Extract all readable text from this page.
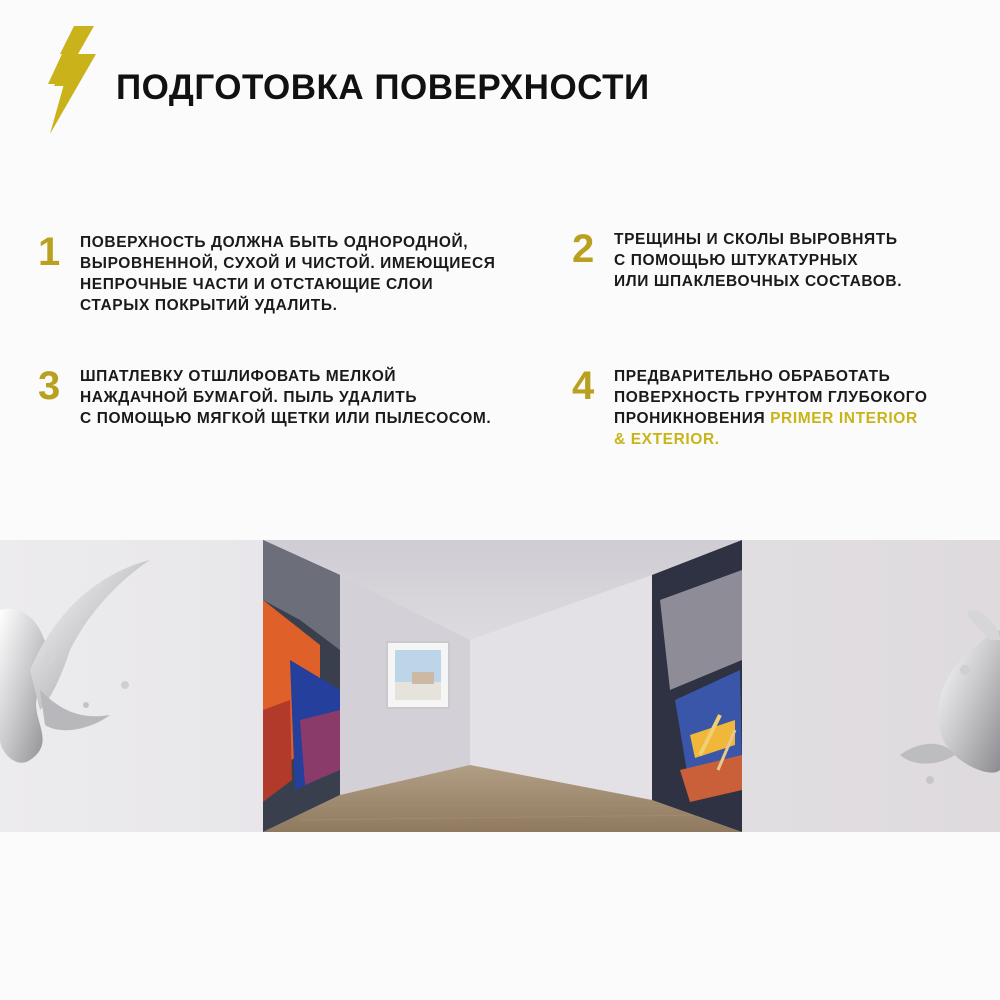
ПОДГОТОВКА ПОВЕРХНОСТИ
1 ПОВЕРХНОСТЬ ДОЛЖНА БЫТЬ ОДНОРОДНОЙ,
ВЫРОВНЕННОЙ, СУХОЙ И ЧИСТОЙ. ИМЕЮЩИЕСЯ
НЕПРОЧНЫЕ ЧАСТИ И ОТСТАЮЩИЕ СЛОИ
СТАРЫХ ПОКРЫТИЙ УДАЛИТЬ.
2 ТРЕЩИНЫ И СКОЛЫ ВЫРОВНЯТЬ
С ПОМОЩЬЮ ШТУКАТУРНЫХ
ИЛИ ШПАКЛЕВОЧНЫХ СОСТАВОВ.
3 ШПАТЛЕВКУ ОТШЛИФОВАТЬ МЕЛКОЙ
НАЖДАЧНОЙ БУМАГОЙ. ПЫЛЬ УДАЛИТЬ
С ПОМОЩЬЮ МЯГКОЙ ЩЕТКИ ИЛИ ПЫЛЕСОСОМ.
4 ПРЕДВАРИТЕЛЬНО ОБРАБОТАТЬ
ПОВЕРХНОСТЬ ГРУНТОМ ГЛУБОКОГО
ПРОНИКНОВЕНИЯ PRIMER INTERIOR
& EXTERIOR.
